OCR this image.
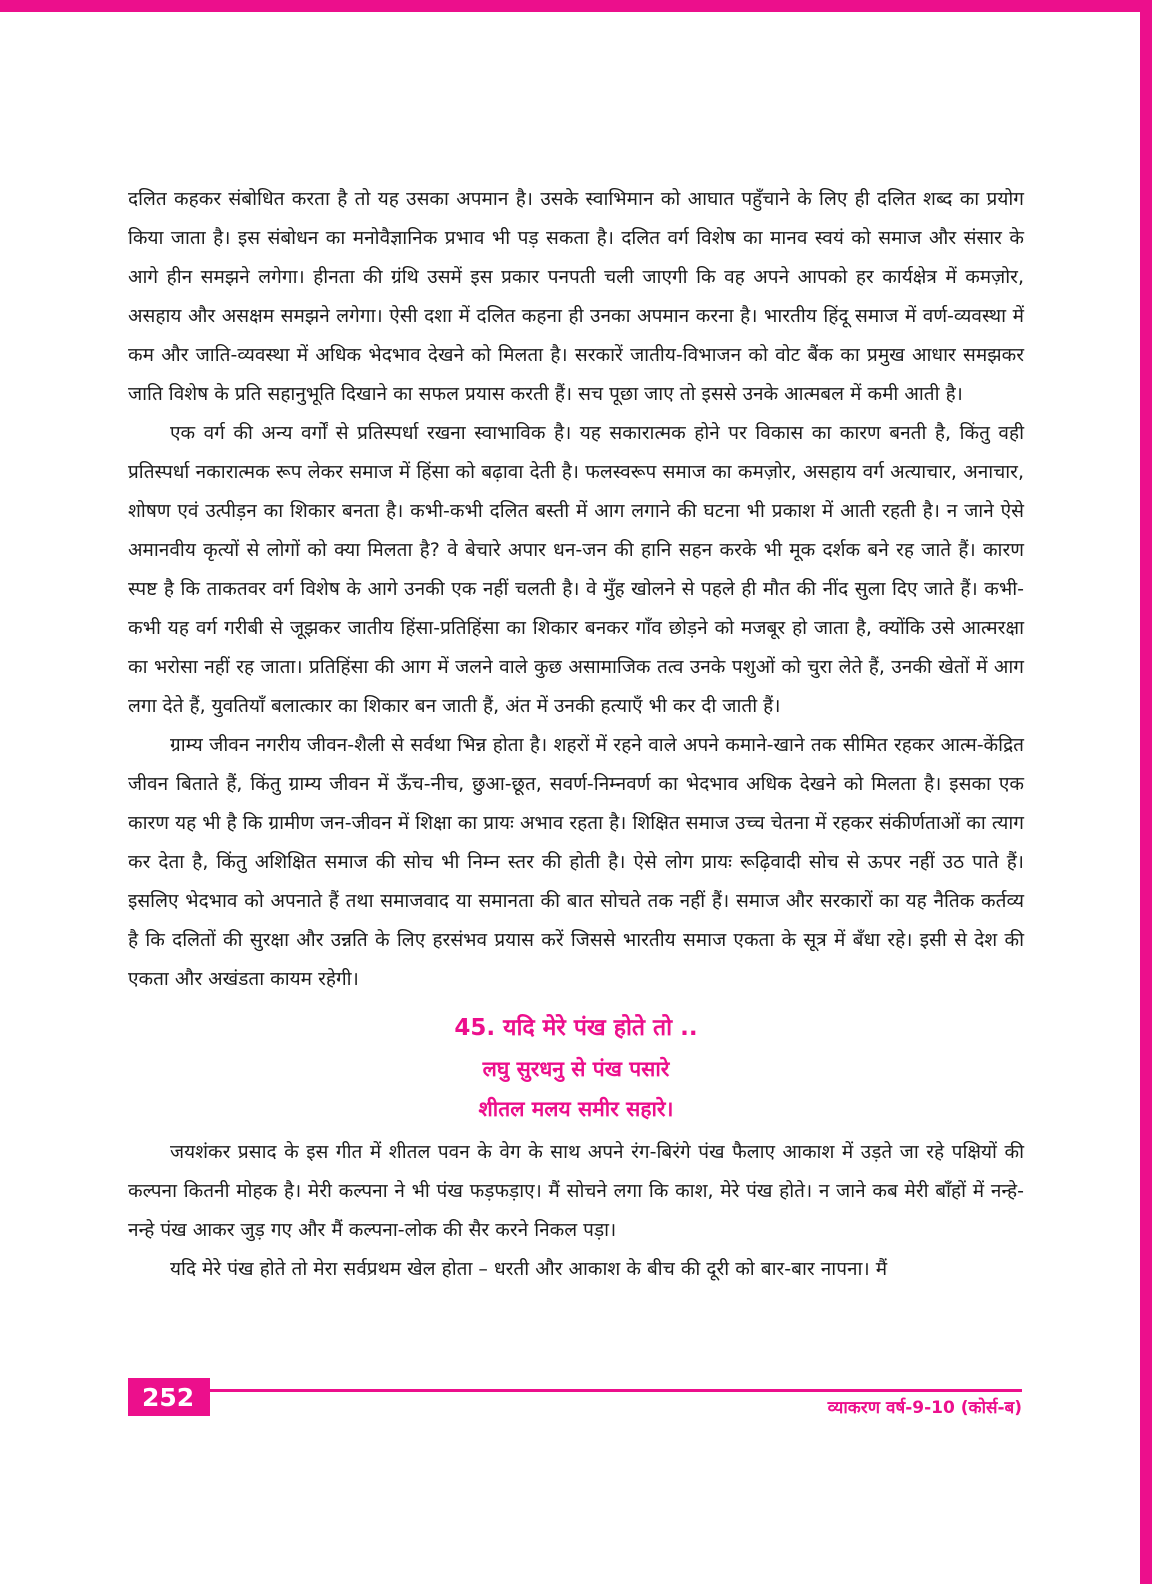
दलित कहकर संबोधित करता है तो यह उसका अपमान है। उसके स्वाभिमान को आघात पहुँचाने के लिए ही दलित शब्द का प्रयोग किया जाता है। इस संबोधन का मनोवैज्ञानिक प्रभाव भी पड़ सकता है। दलित वर्ग विशेष का मानव स्वयं को समाज और संसार के आगे हीन समझने लगेगा। हीनता की ग्रंथि उसमें इस प्रकार पनपती चली जाएगी कि वह अपने आपको हर कार्यक्षेत्र में कमज़ोर, असहाय और असक्षम समझने लगेगा। ऐसी दशा में दलित कहना ही उनका अपमान करना है। भारतीय हिंदू समाज में वर्ण-व्यवस्था में कम और जाति-व्यवस्था में अधिक भेदभाव देखने को मिलता है। सरकारें जातीय-विभाजन को वोट बैंक का प्रमुख आधार समझकर जाति विशेष के प्रति सहानुभूति दिखाने का सफल प्रयास करती हैं। सच पूछा जाए तो इससे उनके आत्मबल में कमी आती है।

एक वर्ग की अन्य वर्गों से प्रतिस्पर्धा रखना स्वाभाविक है। यह सकारात्मक होने पर विकास का कारण बनती है, किंतु वही प्रतिस्पर्धा नकारात्मक रूप लेकर समाज में हिंसा को बढ़ावा देती है। फलस्वरूप समाज का कमज़ोर, असहाय वर्ग अत्याचार, अनाचार, शोषण एवं उत्पीड़न का शिकार बनता है। कभी-कभी दलित बस्ती में आग लगाने की घटना भी प्रकाश में आती रहती है। न जाने ऐसे अमानवीय कृत्यों से लोगों को क्या मिलता है? वे बेचारे अपार धन-जन की हानि सहन करके भी मूक दर्शक बने रह जाते हैं। कारण स्पष्ट है कि ताकतवर वर्ग विशेष के आगे उनकी एक नहीं चलती है। वे मुँह खोलने से पहले ही मौत की नींद सुला दिए जाते हैं। कभी-कभी यह वर्ग गरीबी से जूझकर जातीय हिंसा-प्रतिहिंसा का शिकार बनकर गाँव छोड़ने को मजबूर हो जाता है, क्योंकि उसे आत्मरक्षा का भरोसा नहीं रह जाता। प्रतिहिंसा की आग में जलने वाले कुछ असामाजिक तत्व उनके पशुओं को चुरा लेते हैं, उनकी खेतों में आग लगा देते हैं, युवतियाँ बलात्कार का शिकार बन जाती हैं, अंत में उनकी हत्याएँ भी कर दी जाती हैं।

ग्राम्य जीवन नगरीय जीवन-शैली से सर्वथा भिन्न होता है। शहरों में रहने वाले अपने कमाने-खाने तक सीमित रहकर आत्म-केंद्रित जीवन बिताते हैं, किंतु ग्राम्य जीवन में ऊँच-नीच, छुआ-छूत, सवर्ण-निम्नवर्ण का भेदभाव अधिक देखने को मिलता है। इसका एक कारण यह भी है कि ग्रामीण जन-जीवन में शिक्षा का प्रायः अभाव रहता है। शिक्षित समाज उच्च चेतना में रहकर संकीर्णताओं का त्याग कर देता है, किंतु अशिक्षित समाज की सोच भी निम्न स्तर की होती है। ऐसे लोग प्रायः रूढ़िवादी सोच से ऊपर नहीं उठ पाते हैं। इसलिए भेदभाव को अपनाते हैं तथा समाजवाद या समानता की बात सोचते तक नहीं हैं। समाज और सरकारों का यह नैतिक कर्तव्य है कि दलितों की सुरक्षा और उन्नति के लिए हरसंभव प्रयास करें जिससे भारतीय समाज एकता के सूत्र में बँधा रहे। इसी से देश की एकता और अखंडता कायम रहेगी।

45. यदि मेरे पंख होते तो ..

लघु सुरधनु से पंख पसारे

शीतल मलय समीर सहारे।

जयशंकर प्रसाद के इस गीत में शीतल पवन के वेग के साथ अपने रंग-बिरंगे पंख फैलाए आकाश में उड़ते जा रहे पक्षियों की कल्पना कितनी मोहक है। मेरी कल्पना ने भी पंख फड़फड़ाए। मैं सोचने लगा कि काश, मेरे पंख होते। न जाने कब मेरी बाँहों में नन्हे-नन्हे पंख आकर जुड़ गए और मैं कल्पना-लोक की सैर करने निकल पड़ा।

यदि मेरे पंख होते तो मेरा सर्वप्रथम खेल होता – धरती और आकाश के बीच की दूरी को बार-बार नापना। मैं

252	व्याकरण वर्ष-9-10 (कोर्स-ब)
